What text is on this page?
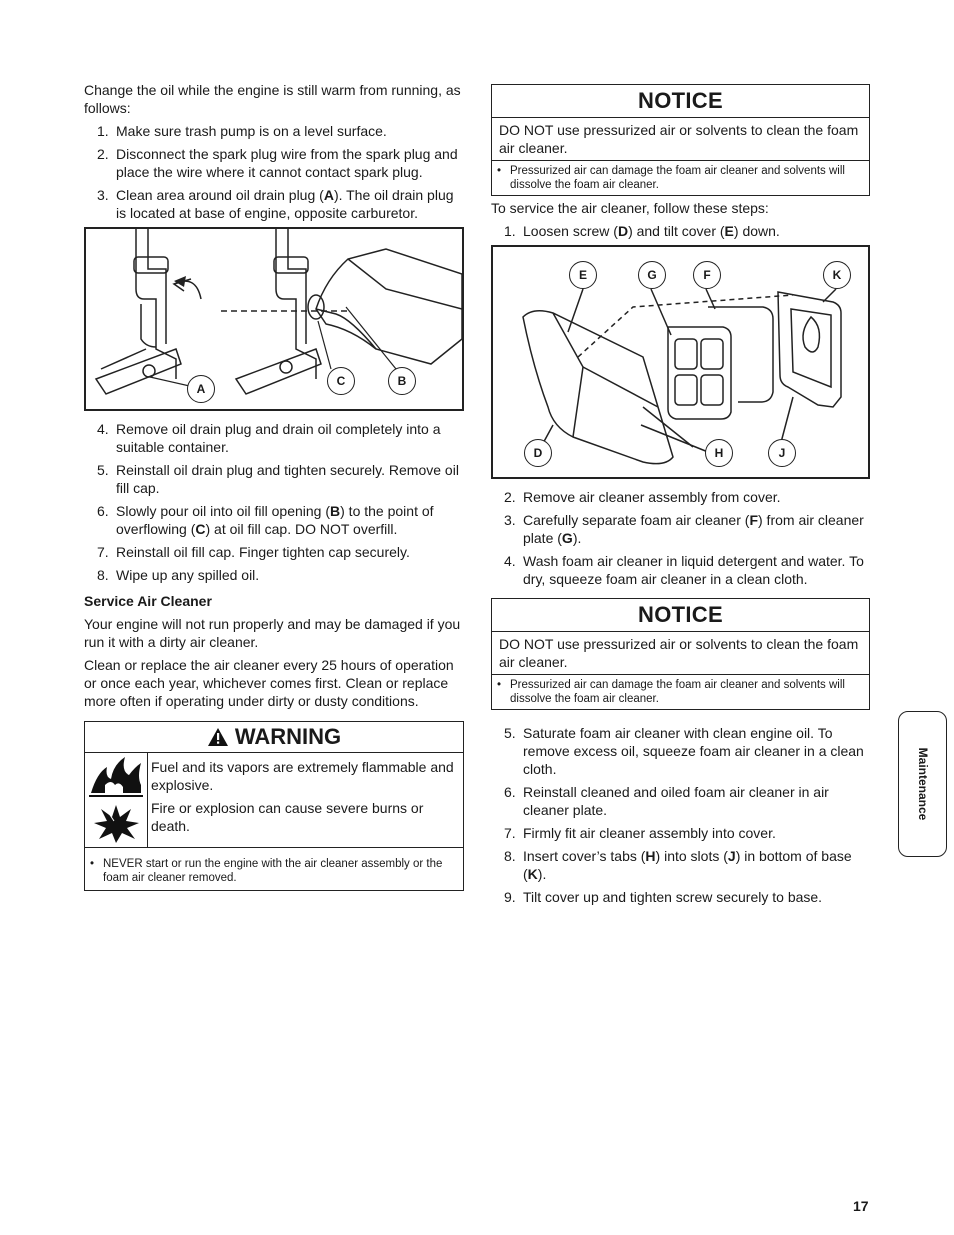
Change the oil while the engine is still warm from running, as follows:

1. Make sure trash pump is on a level surface.
2. Disconnect the spark plug wire from the spark plug and place the wire where it cannot contact spark plug.
3. Clean area around oil drain plug (A). The oil drain plug is located at base of engine, opposite carburetor.
A
C	B
4. Remove oil drain plug and drain oil completely into a suitable container.
5. Reinstall oil drain plug and tighten securely. Remove oil fill cap.
6. Slowly pour oil into oil fill opening (B) to the point of overflowing (C) at oil fill cap. DO NOT overfill.
7. Reinstall oil fill cap. Finger tighten cap securely.
8. Wipe up any spilled oil.
Service Air Cleaner

Your engine will not run properly and may be damaged if you run it with a dirty air cleaner.

Clean or replace the air cleaner every 25 hours of operation or once each year, whichever comes first. Clean or replace more often if operating under dirty or dusty conditions.

WARNING

Fuel and its vapors are extremely flammable and explosive.

Fire or explosion can cause severe burns or death.

• NEVER start or run the engine with the air cleaner assembly or the foam air cleaner removed.
NOTICE
DO NOT use pressurized air or solvents to clean the foam air cleaner.
• Pressurized air can damage the foam air cleaner and solvents will dissolve the foam air cleaner.

To service the air cleaner, follow these steps:

1. Loosen screw (D) and tilt cover (E) down.
E	G	F	K
D	H	J
2. Remove air cleaner assembly from cover.
3. Carefully separate foam air cleaner (F) from air cleaner plate (G).
4. Wash foam air cleaner in liquid detergent and water. To dry, squeeze foam air cleaner in a clean cloth.
NOTICE
DO NOT use pressurized air or solvents to clean the foam air cleaner.
• Pressurized air can damage the foam air cleaner and solvents will dissolve the foam air cleaner.
5. Saturate foam air cleaner with clean engine oil. To remove excess oil, squeeze foam air cleaner in a clean cloth.
6. Reinstall cleaned and oiled foam air cleaner in air cleaner plate.
7. Firmly fit air cleaner assembly into cover.
8. Insert cover’s tabs (H) into slots (J) in bottom of base (K).
9. Tilt cover up and tighten screw securely to base.
Maintenance
17
